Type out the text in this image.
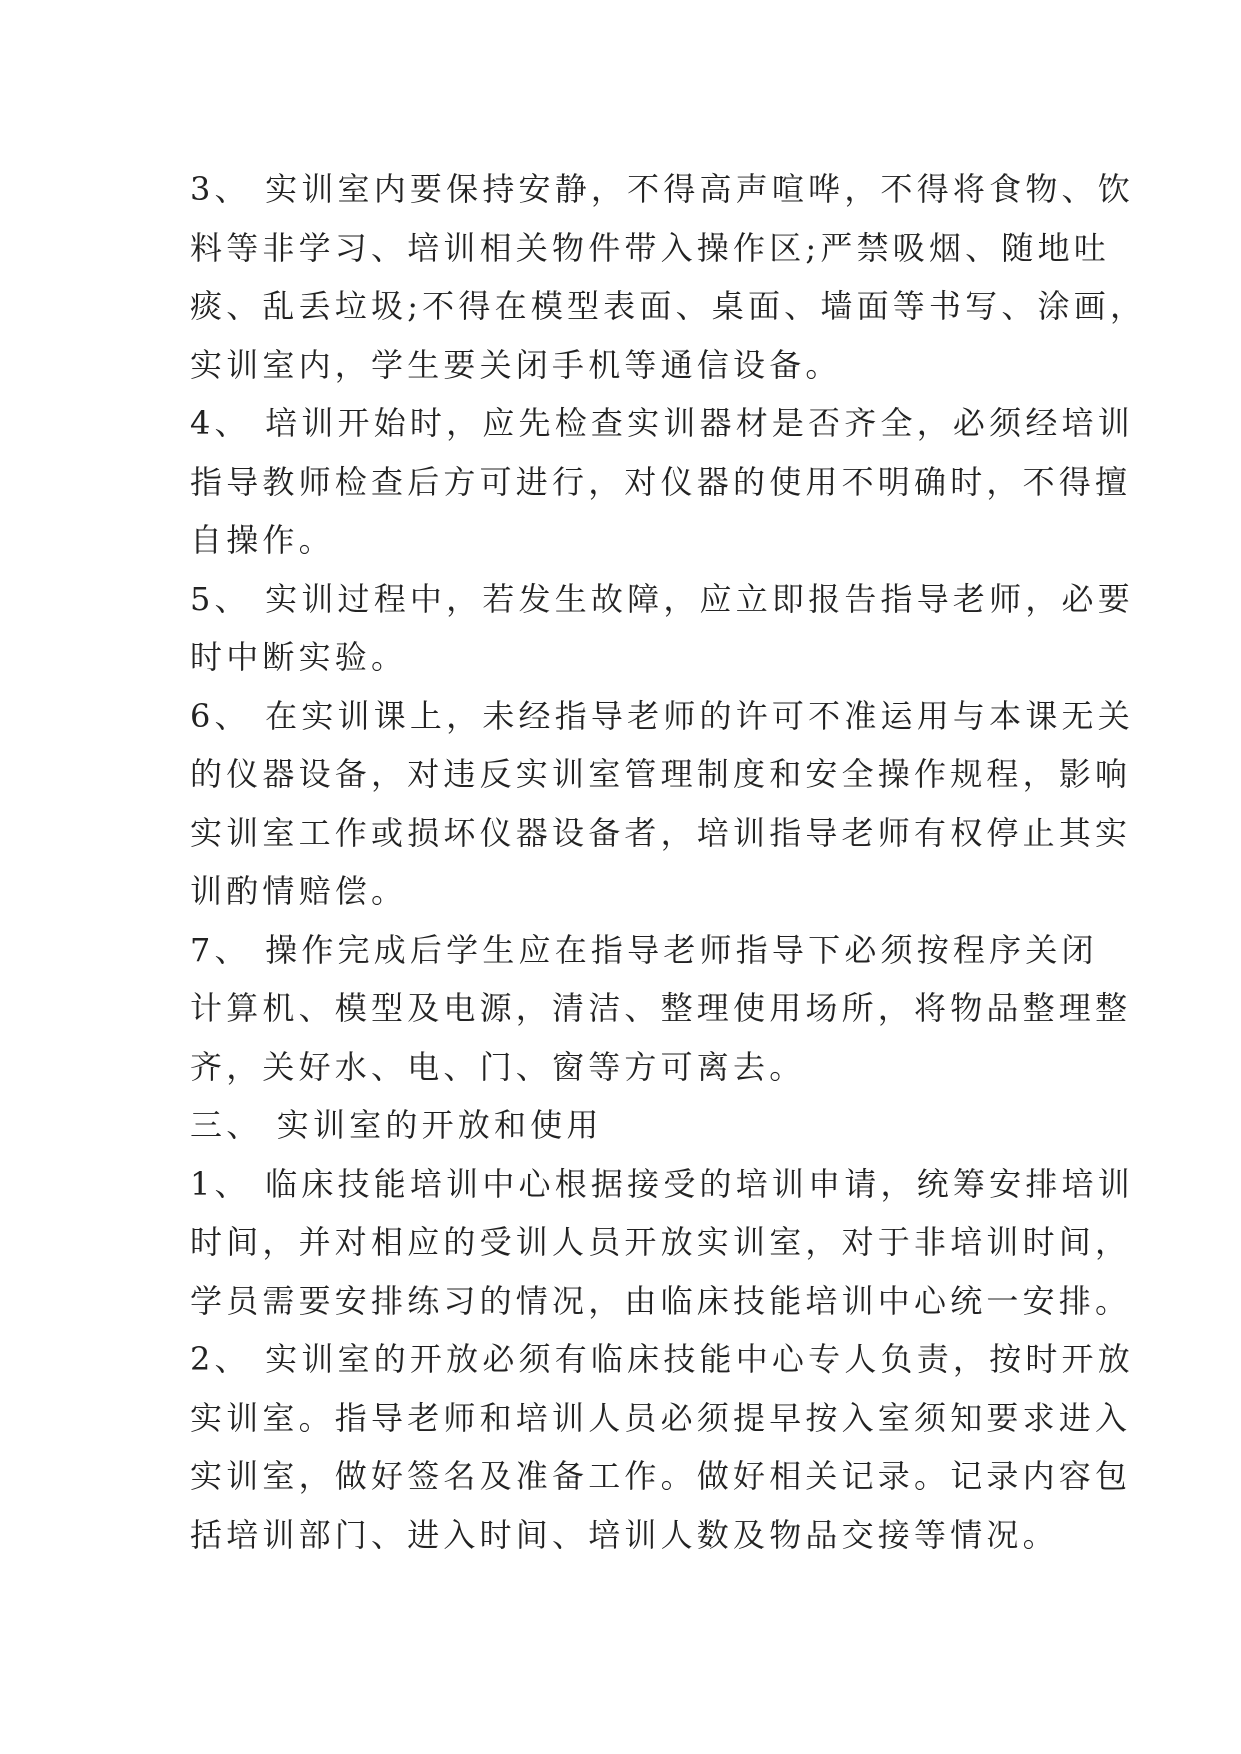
3、 实训室内要保持安静，不得高声喧哗，不得将食物、饮
料等非学习、培训相关物件带入操作区;严禁吸烟、随地吐
痰、乱丢垃圾;不得在模型表面、桌面、墙面等书写、涂画，
实训室内，学生要关闭手机等通信设备。
4、 培训开始时，应先检查实训器材是否齐全，必须经培训
指导教师检查后方可进行，对仪器的使用不明确时，不得擅
自操作。
5、 实训过程中，若发生故障，应立即报告指导老师，必要
时中断实验。
6、 在实训课上，未经指导老师的许可不准运用与本课无关
的仪器设备，对违反实训室管理制度和安全操作规程，影响
实训室工作或损坏仪器设备者，培训指导老师有权停止其实
训酌情赔偿。
7、 操作完成后学生应在指导老师指导下必须按程序关闭
计算机、模型及电源，清洁、整理使用场所，将物品整理整
齐，关好水、电、门、窗等方可离去。
三、 实训室的开放和使用
1、 临床技能培训中心根据接受的培训申请，统筹安排培训
时间，并对相应的受训人员开放实训室，对于非培训时间，
学员需要安排练习的情况，由临床技能培训中心统一安排。
2、 实训室的开放必须有临床技能中心专人负责，按时开放
实训室。指导老师和培训人员必须提早按入室须知要求进入
实训室，做好签名及准备工作。做好相关记录。记录内容包
括培训部门、进入时间、培训人数及物品交接等情况。
